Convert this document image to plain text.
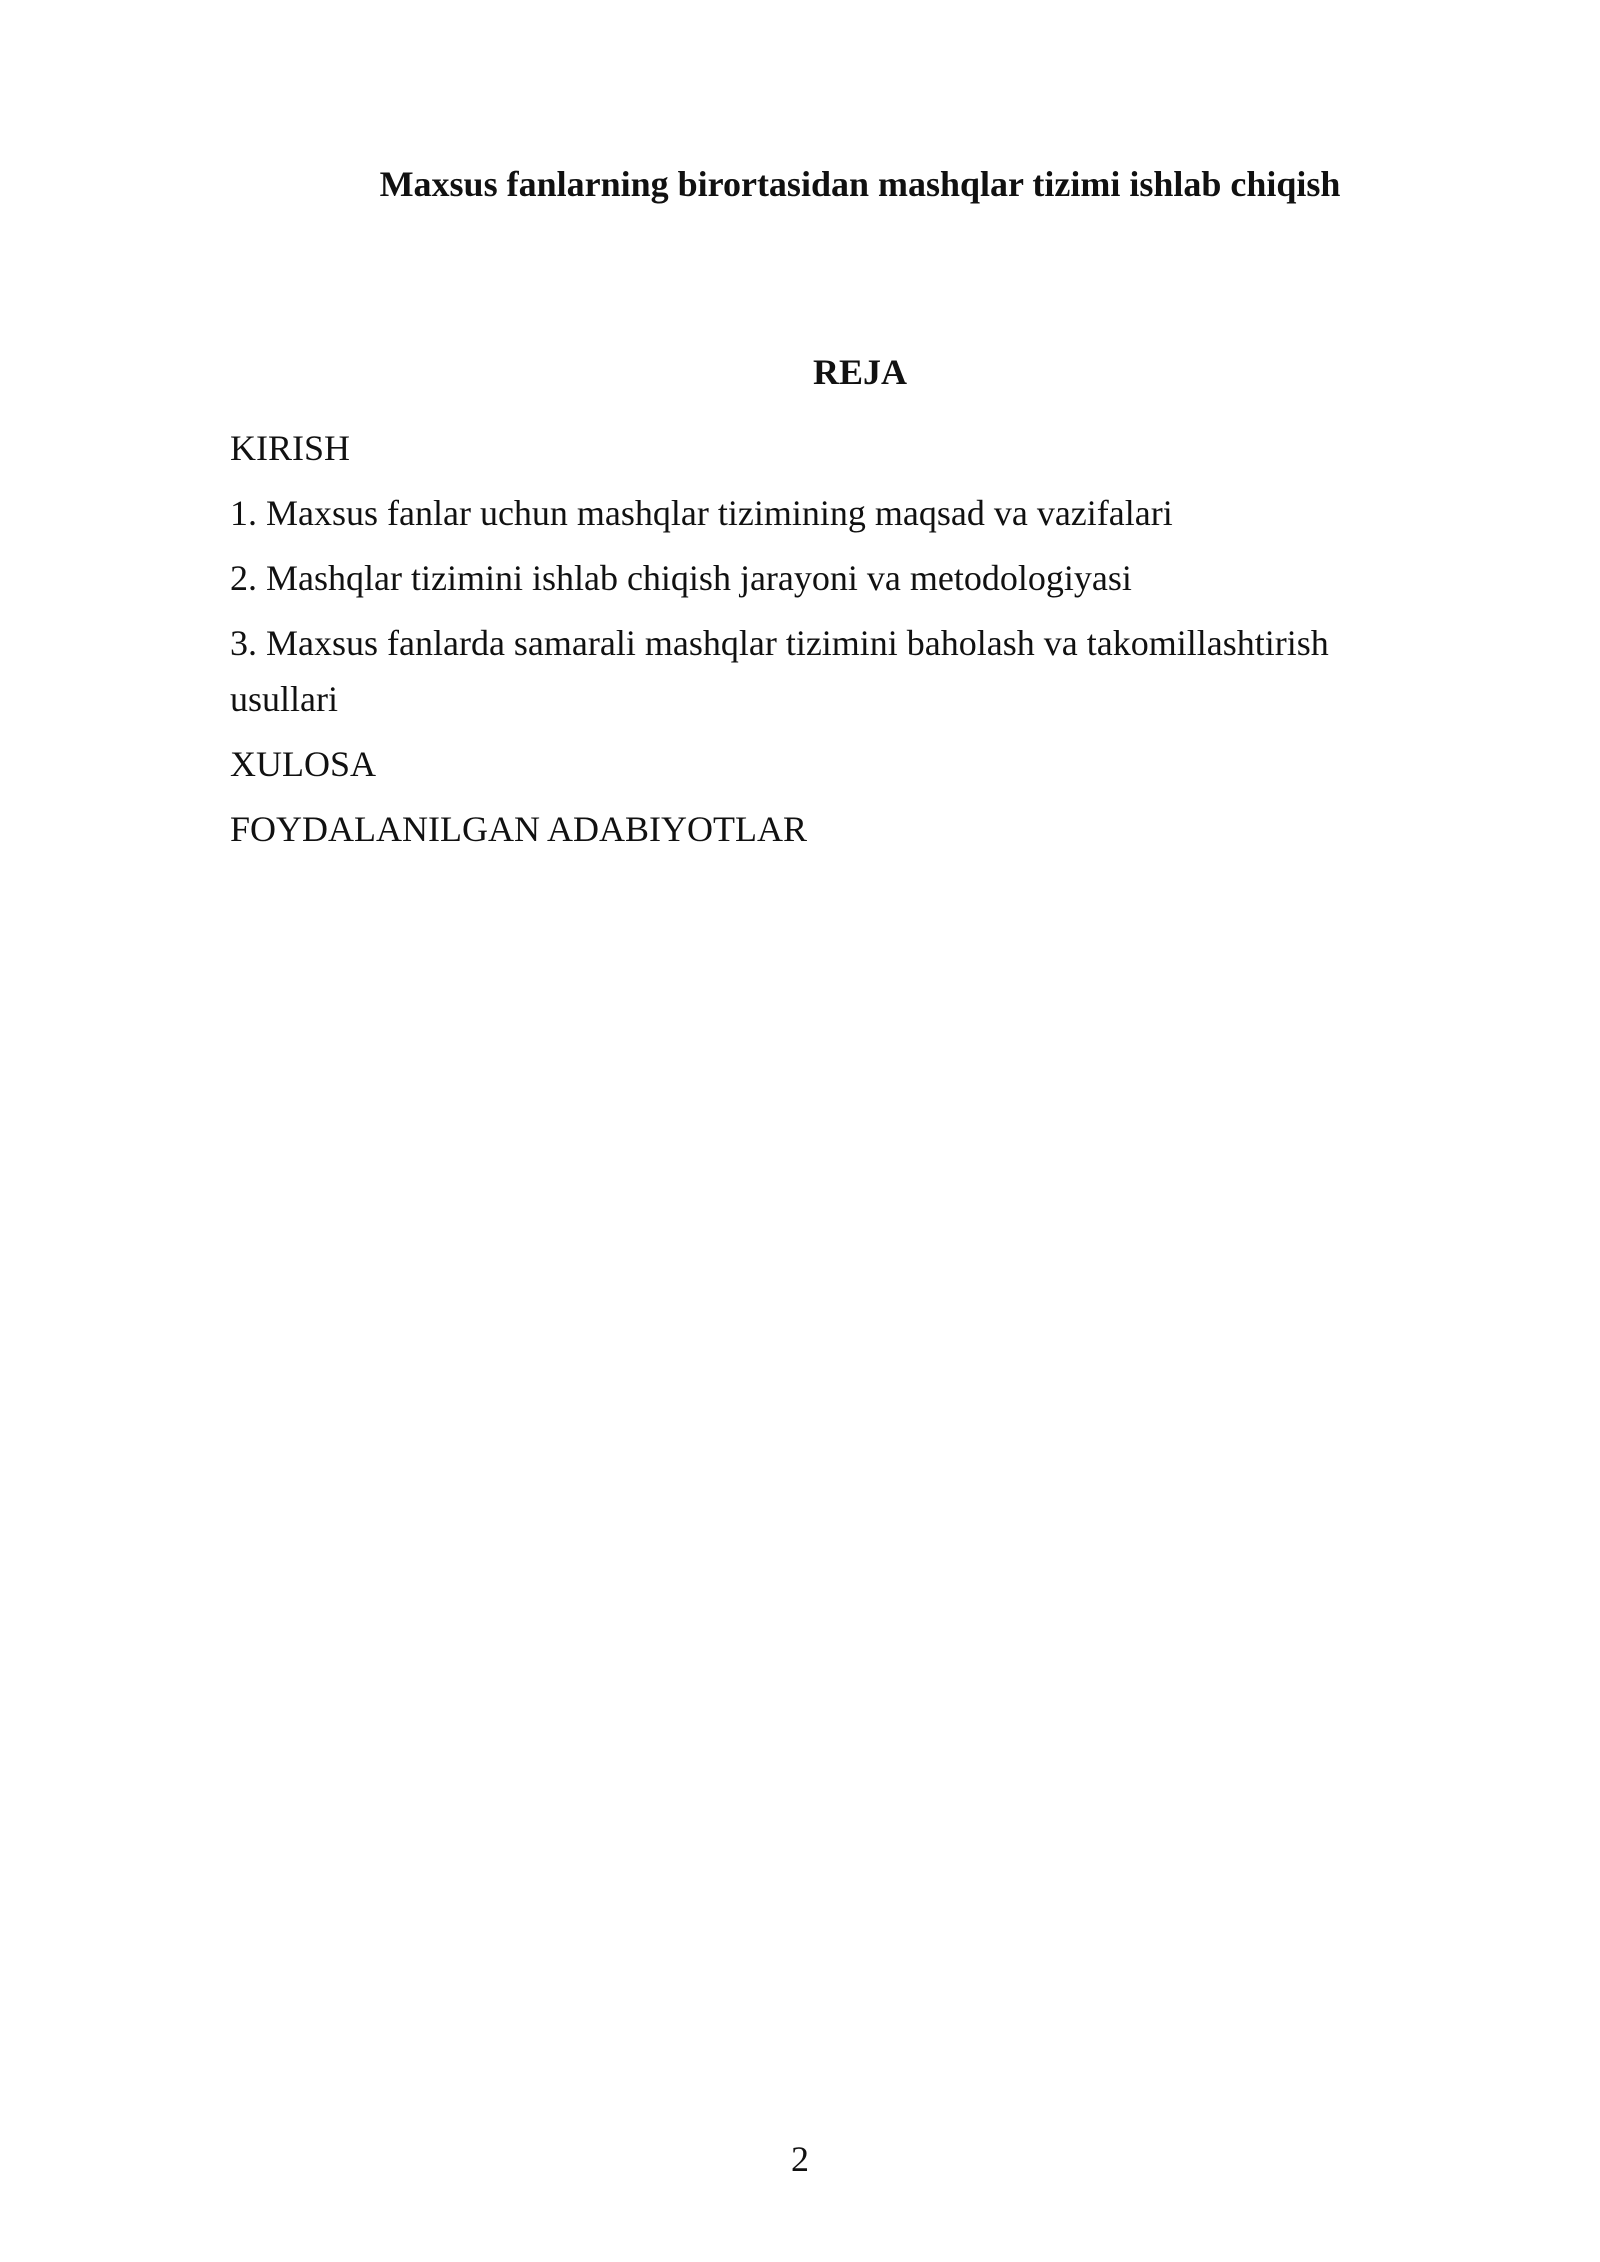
Maxsus fanlarning birortasidan mashqlar tizimi ishlab chiqish
REJA
KIRISH
1. Maxsus fanlar uchun mashqlar tizimining maqsad va vazifalari
2. Mashqlar tizimini ishlab chiqish jarayoni va metodologiyasi
3. Maxsus fanlarda samarali mashqlar tizimini baholash va takomillashtirish usullari
XULOSA
FOYDALANILGAN ADABIYOTLAR
2
